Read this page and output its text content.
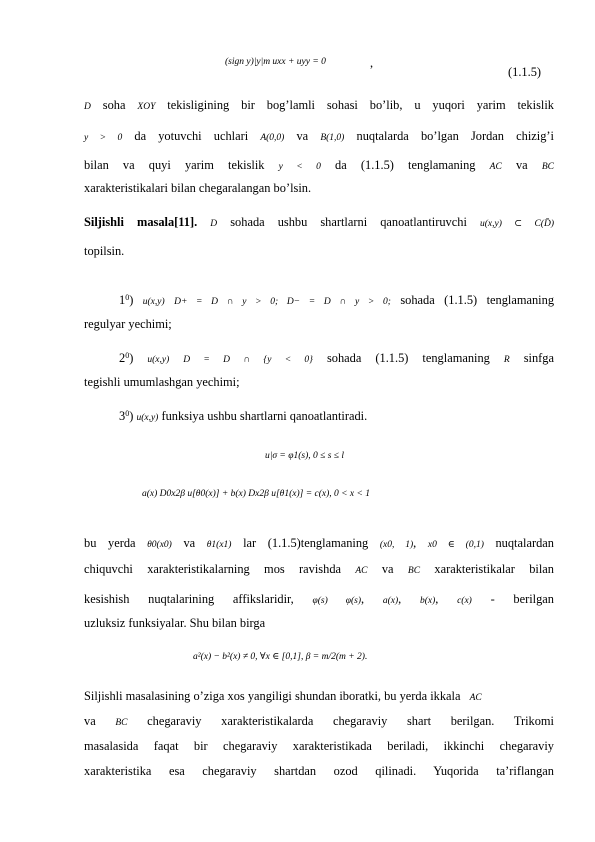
(sign y)|y|m uxx + uyy = 0	,
(1.1.5)
D soha XOY tekisligining bir bog’lamli sohasi bo’lib, u yuqori yarim tekislik
y > 0 da yotuvchi uchlari A(0,0) va B(1,0) nuqtalarda bo’lgan Jordan chizig’i
bilan va quyi yarim tekislik y < 0 da (1.1.5) tenglamaning AC va BC
xarakteristikalari bilan chegaralangan bo’lsin.
Siljishli masala[11]. D sohada ushbu shartlarni qanoatlantiruvchi u(x,y) ⊂ C(D̄)
topilsin.
$1^0$) u(x,y) D+ = D ∩ y > 0; D− = D ∩ y > 0; sohada (1.1.5) tenglamaning
regulyar yechimi;
$2^0$) u(x,y) D = D ∩ {y < 0} sohada (1.1.5) tenglamaning R sinfga
tegishli umumlashgan yechimi;
$3^0$) u(x,y) funksiya ushbu shartlarni qanoatlantiradi.
u|σ = φ1(s), 0 ≤ s ≤ l
a(x) D0x2β u[θ0(x)] + b(x) Dx2β u[θ1(x)] = c(x), 0 < x < 1
bu yerda θ0(x0) va θ1(x1) lar (1.1.5)tenglamaning (x0, 1), x0 ∈ (0,1) nuqtalardan
chiquvchi xarakteristikalarning mos ravishda AC va BC xarakteristikalar bilan
kesishish nuqtalarining affikslaridir, φ(s) φ(s), a(x), b(x), c(x) - berilgan
uzluksiz funksiyalar. Shu bilan birga
a²(x) − b²(x) ≠ 0, ∀x ∈ [0,1], β = m/2(m + 2).
Siljishli masalasining o’ziga xos yangiligi shundan iboratki, bu yerda ikkala AC
va BC chegaraviy xarakteristikalarda chegaraviy shart berilgan. Trikomi
masalasida faqat bir chegaraviy xarakteristikada beriladi, ikkinchi chegaraviy
xarakteristika esa chegaraviy shartdan ozod qilinadi. Yuqorida ta’riflangan
